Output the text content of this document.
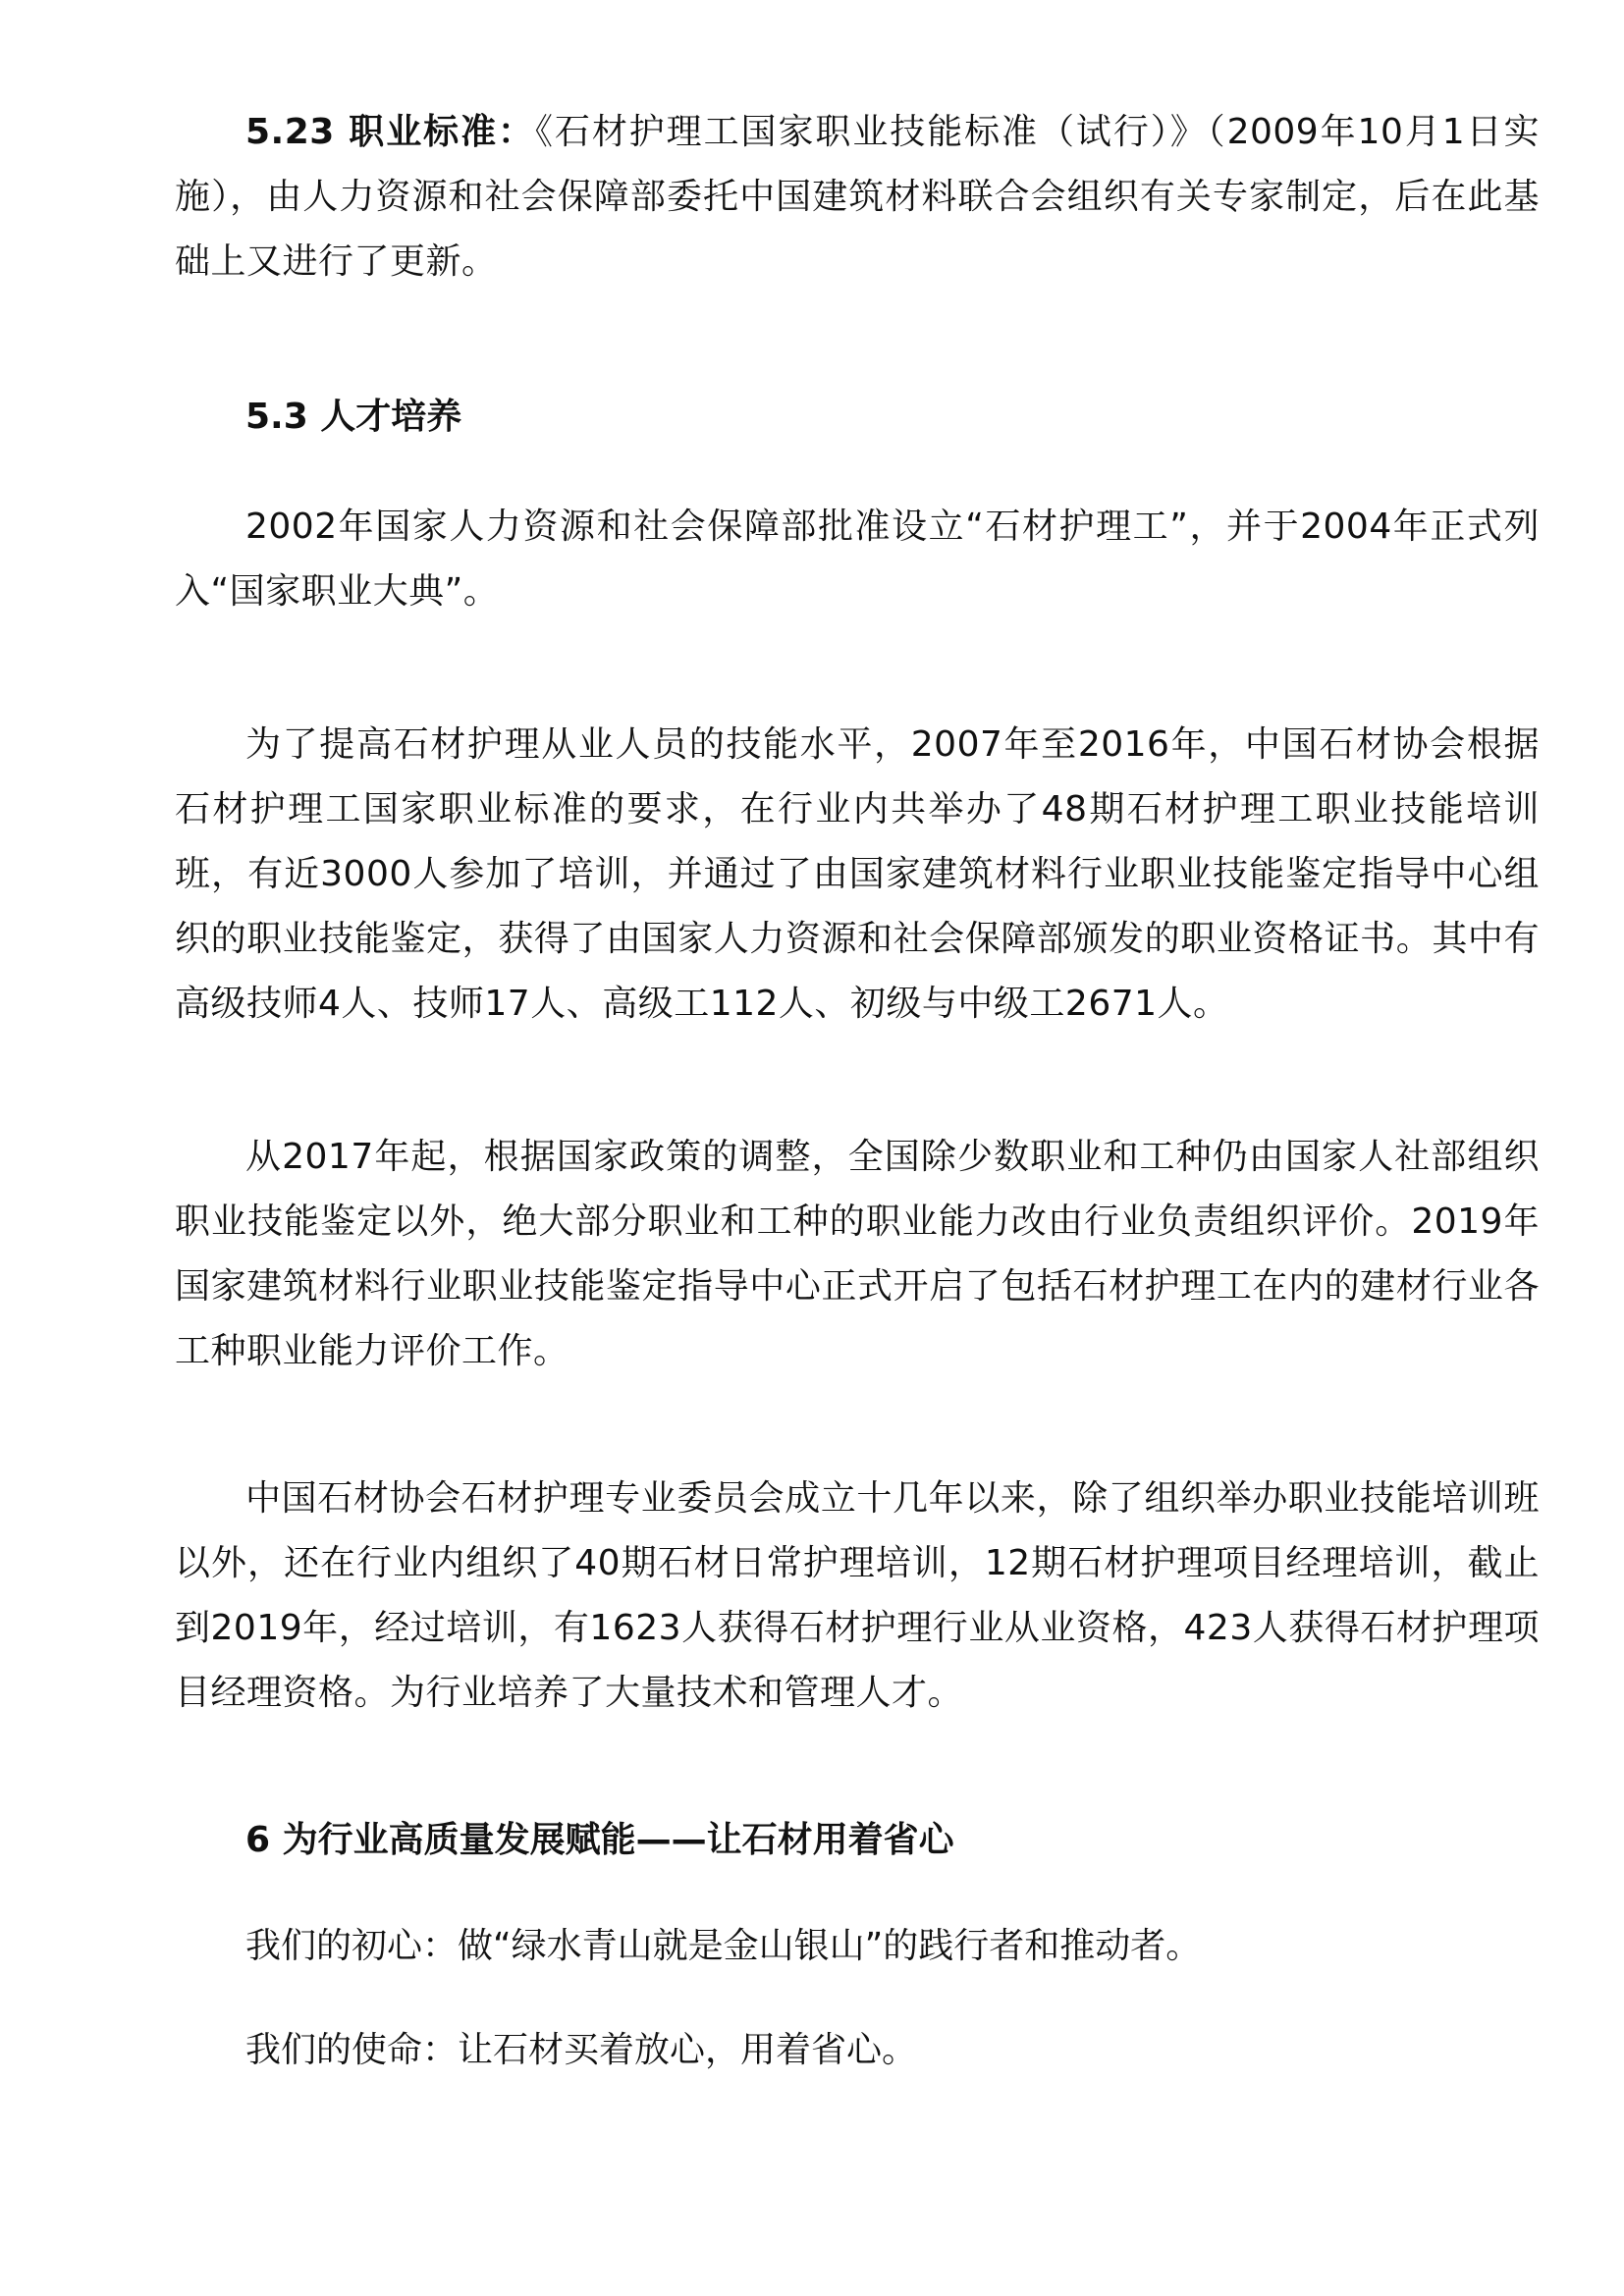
5.23 职业标准：《石材护理工国家职业技能标准（试行）》（2009年10月1日实施），由人力资源和社会保障部委托中国建筑材料联合会组织有关专家制定，后在此基础上又进行了更新。

5.3 人才培养

2002年国家人力资源和社会保障部批准设立“石材护理工”，并于2004年正式列入“国家职业大典”。

为了提高石材护理从业人员的技能水平，2007年至2016年，中国石材协会根据石材护理工国家职业标准的要求，在行业内共举办了48期石材护理工职业技能培训班，有近3000人参加了培训，并通过了由国家建筑材料行业职业技能鉴定指导中心组织的职业技能鉴定，获得了由国家人力资源和社会保障部颁发的职业资格证书。其中有高级技师4人、技师17人、高级工112人、初级与中级工2671人。

从2017年起，根据国家政策的调整，全国除少数职业和工种仍由国家人社部组织职业技能鉴定以外，绝大部分职业和工种的职业能力改由行业负责组织评价。2019年国家建筑材料行业职业技能鉴定指导中心正式开启了包括石材护理工在内的建材行业各工种职业能力评价工作。

中国石材协会石材护理专业委员会成立十几年以来，除了组织举办职业技能培训班以外，还在行业内组织了40期石材日常护理培训，12期石材护理项目经理培训，截止到2019年，经过培训，有1623人获得石材护理行业从业资格，423人获得石材护理项目经理资格。为行业培养了大量技术和管理人才。

6 为行业高质量发展赋能——让石材用着省心

我们的初心：做“绿水青山就是金山银山”的践行者和推动者。

我们的使命：让石材买着放心，用着省心。
